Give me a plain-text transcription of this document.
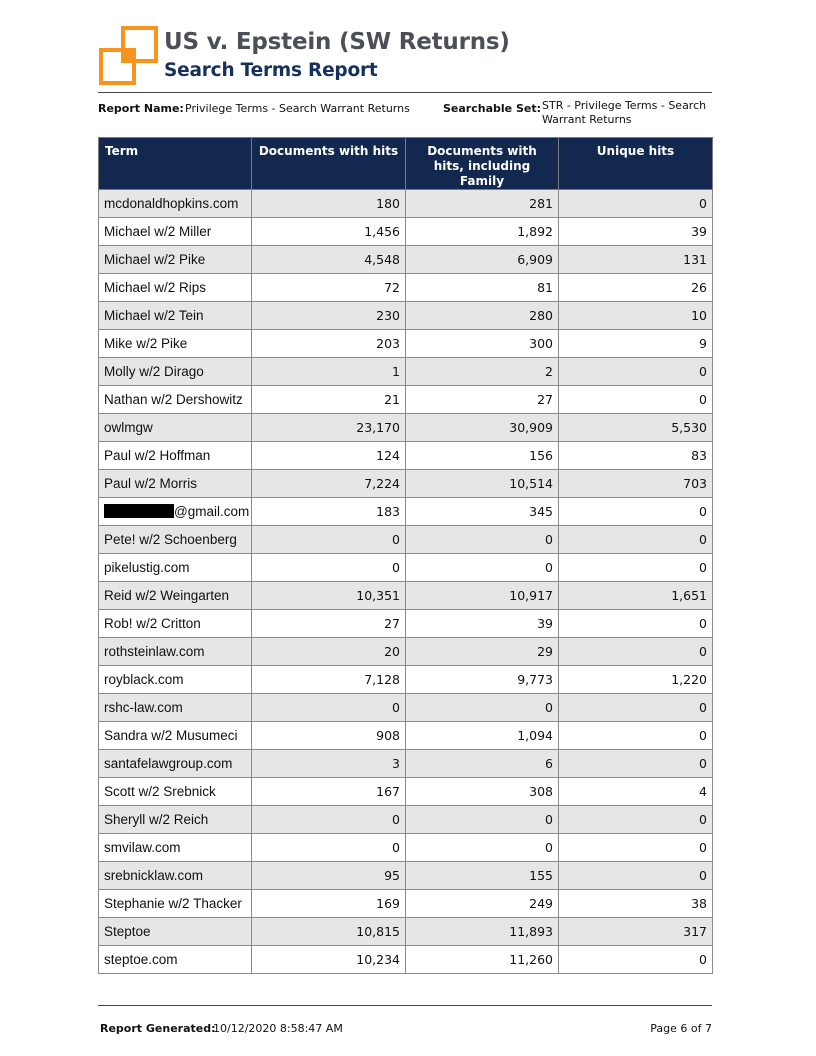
US v. Epstein (SW Returns)
Search Terms Report
Report Name: Privilege Terms - Search Warrant Returns	Searchable Set: STR - Privilege Terms - Search Warrant Returns
Term	Documents with hits	Documents with hits, including Family	Unique hits
mcdonaldhopkins.com	180	281	0
Michael w/2 Miller	1,456	1,892	39
Michael w/2 Pike	4,548	6,909	131
Michael w/2 Rips	72	81	26
Michael w/2 Tein	230	280	10
Mike w/2 Pike	203	300	9
Molly w/2 Dirago	1	2	0
Nathan w/2 Dershowitz	21	27	0
owlmgw	23,170	30,909	5,530
Paul w/2 Hoffman	124	156	83
Paul w/2 Morris	7,224	10,514	703
@gmail.com	183	345	0
Pete! w/2 Schoenberg	0	0	0
pikelustig.com	0	0	0
Reid w/2 Weingarten	10,351	10,917	1,651
Rob! w/2 Critton	27	39	0
rothsteinlaw.com	20	29	0
royblack.com	7,128	9,773	1,220
rshc-law.com	0	0	0
Sandra w/2 Musumeci	908	1,094	0
santafelawgroup.com	3	6	0
Scott w/2 Srebnick	167	308	4
Sheryll w/2 Reich	0	0	0
smvilaw.com	0	0	0
srebnicklaw.com	95	155	0
Stephanie w/2 Thacker	169	249	38
Steptoe	10,815	11,893	317
steptoe.com	10,234	11,260	0
Report Generated:
10/12/2020 8:58:47 AM	Page 6 of 7
